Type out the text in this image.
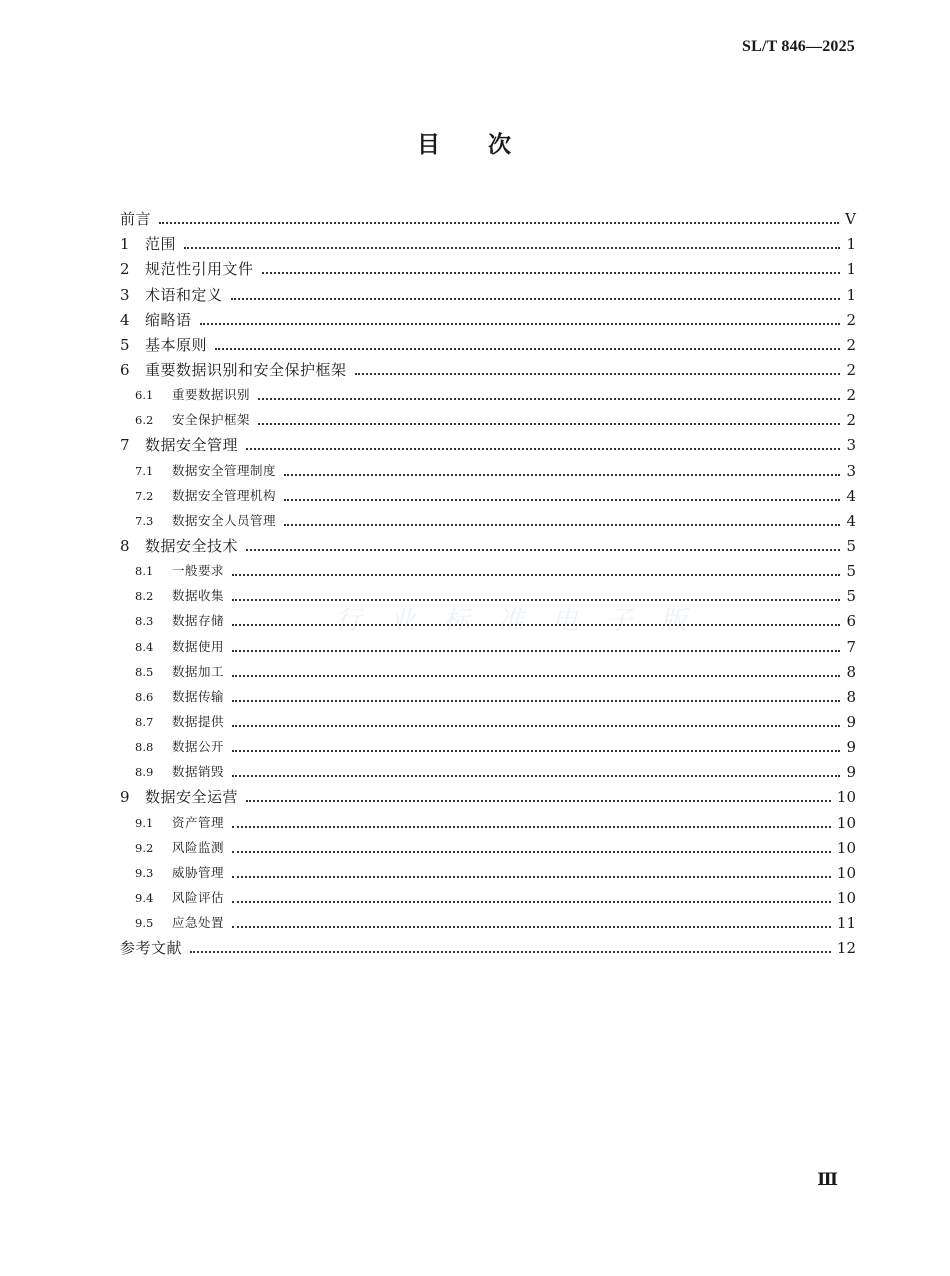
SL/T 846—2025
目次
行 业 标 准 电 子 版
前言	V
1	范围	1
2	规范性引用文件	1
3	术语和定义	1
4	缩略语	2
5	基本原则	2
6	重要数据识别和安全保护框架	2
6.1	重要数据识别	2
6.2	安全保护框架	2
7	数据安全管理	3
7.1	数据安全管理制度	3
7.2	数据安全管理机构	4
7.3	数据安全人员管理	4
8	数据安全技术	5
8.1	一般要求	5
8.2	数据收集	5
8.3	数据存储	6
8.4	数据使用	7
8.5	数据加工	8
8.6	数据传输	8
8.7	数据提供	9
8.8	数据公开	9
8.9	数据销毁	9
9	数据安全运营	10
9.1	资产管理	10
9.2	风险监测	10
9.3	威胁管理	10
9.4	风险评估	10
9.5	应急处置	11
参考文献	12
Ⅲ
